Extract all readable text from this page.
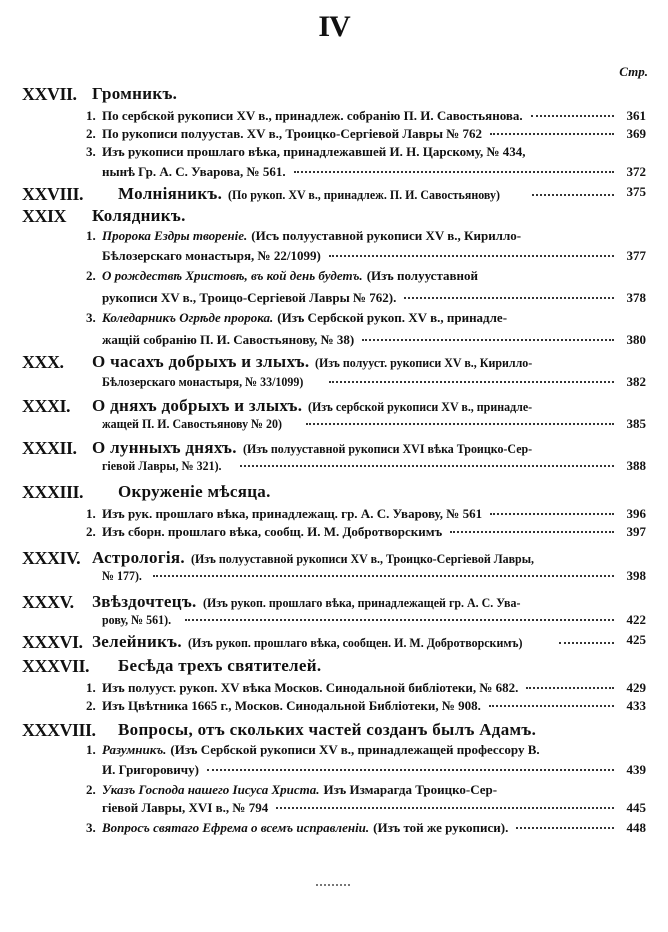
IV
Стр.
XXVII. Громникъ.
1. По сербской рукописи XV в., принадлеж. собранію П. И. Савостьянова.	361
2. По рукописи полуустав. XV в., Троицко-Сергіевой Лавры № 762	369
3. Изъ рукописи прошлаго вѣка, принадлежавшей И. Н. Царскому, № 434,
нынѣ Гр. А. С. Уварова, № 561.	372
XXVIII. Молніяникъ. (По рукоп. XV в., принадлеж. П. И. Савостьянову)	375
XXIX Колядникъ.
1. Пророка Ездры твореніе. (Исъ полууставной рукописи XV в., Кирилло-
Бѣлозерскаго монастыря, № 22/1099)	377
2. О рождествѣ Христовѣ, въ кой день будетъ. (Изъ полууставной
рукописи XV в., Троицо-Сергіевой Лавры № 762).	378
3. Коледарникъ Огрѣде пророка. (Изъ Сербской рукоп. XV в., принадле-
жащій собранію П. И. Савостьянову, № 38)	380
XXX. О часахъ добрыхъ и злыхъ. (Изъ полууст. рукописи XV в., Кирилло-
Бѣлозерскаго монастыря, № 33/1099)	382
XXXI. О дняхъ добрыхъ и злыхъ. (Изъ сербской рукописи XV в., принадле-
жащей П. И. Савостьянову № 20)	385
XXXII. О лунныхъ дняхъ. (Изъ полууставной рукописи XVI вѣка Троицко-Сер-
гіевой Лавры, № 321).	388
XXXIII. Окруженіе мѣсяца.
1. Изъ рук. прошлаго вѣка, принадлежащ. гр. А. С. Уварову, № 561	396
2. Изъ сборн. прошлаго вѣка, сообщ. И. М. Добротворскимъ	397
XXXIV. Астрологія. (Изъ полууставной рукописи XV в., Троицко-Сергіевой Лавры,
№ 177).	398
XXXV. Звѣздочтецъ. (Изъ рукоп. прошлаго вѣка, принадлежащей гр. А. С. Ува-
рову, № 561).	422
XXXVI. Зелейникъ. (Изъ рукоп. прошлаго вѣка, сообщен. И. М. Добротворскимъ)	425
XXXVII. Бесѣда трехъ святителей.
1. Изъ полууст. рукоп. XV вѣка Москов. Синодальной библіотеки, № 682.	429
2. Изъ Цвѣтника 1665 г., Москов. Синодальной Библіотеки, № 908.	433
XXXVIII. Вопросы, отъ скольких частей созданъ былъ Адамъ.
1. Разумникъ. (Изъ Сербской рукописи XV в., принадлежащей профессору В.
И. Григоровичу)	439
2. Указъ Господа нашего Іисуса Христа. Изъ Измарагда Троицко-Сер-
гіевой Лавры, XVI в., № 794	445
3. Вопросъ святаго Ефрема о всемъ исправленіи. (Изъ той же рукописи).	448
